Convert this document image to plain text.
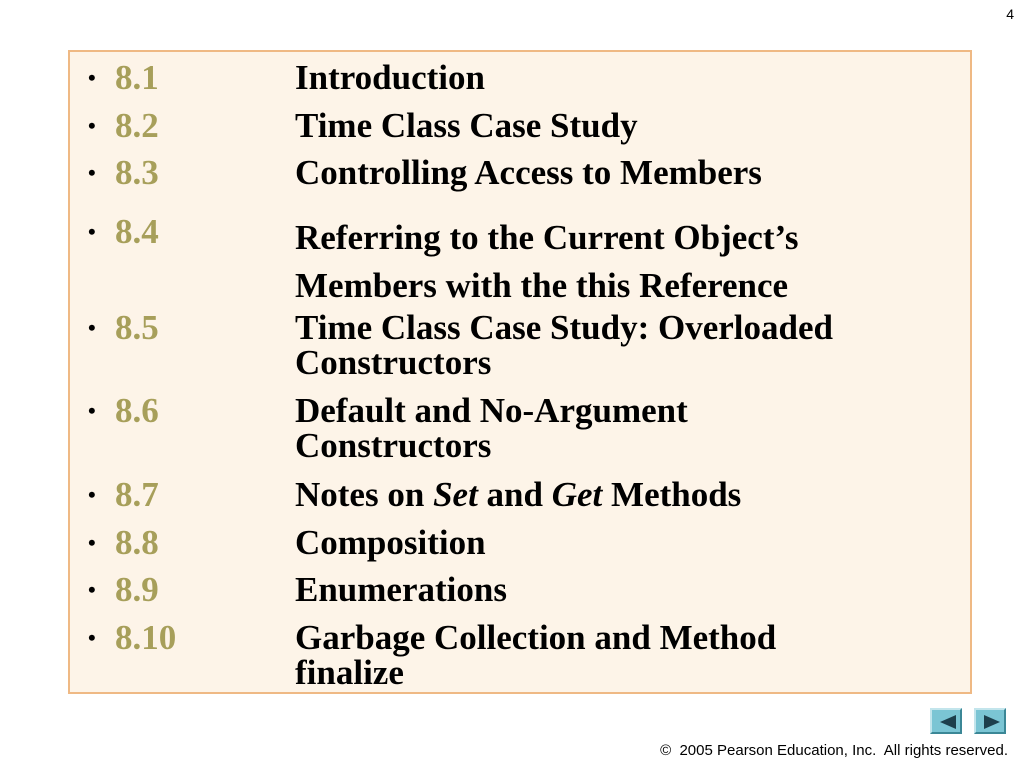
4
• 8.1	Introduction
• 8.2	Time Class Case Study
• 8.3	Controlling Access to Members
• 8.4	Referring to the Current Object’s
Members with the this Reference
• 8.5	Time Class Case Study: Overloaded
Constructors
• 8.6	Default and No-Argument
Constructors
• 8.7	Notes on Set and Get Methods
• 8.8	Composition
• 8.9	Enumerations
• 8.10	Garbage Collection and Method
finalize
©  2005 Pearson Education, Inc.  All rights reserved.
